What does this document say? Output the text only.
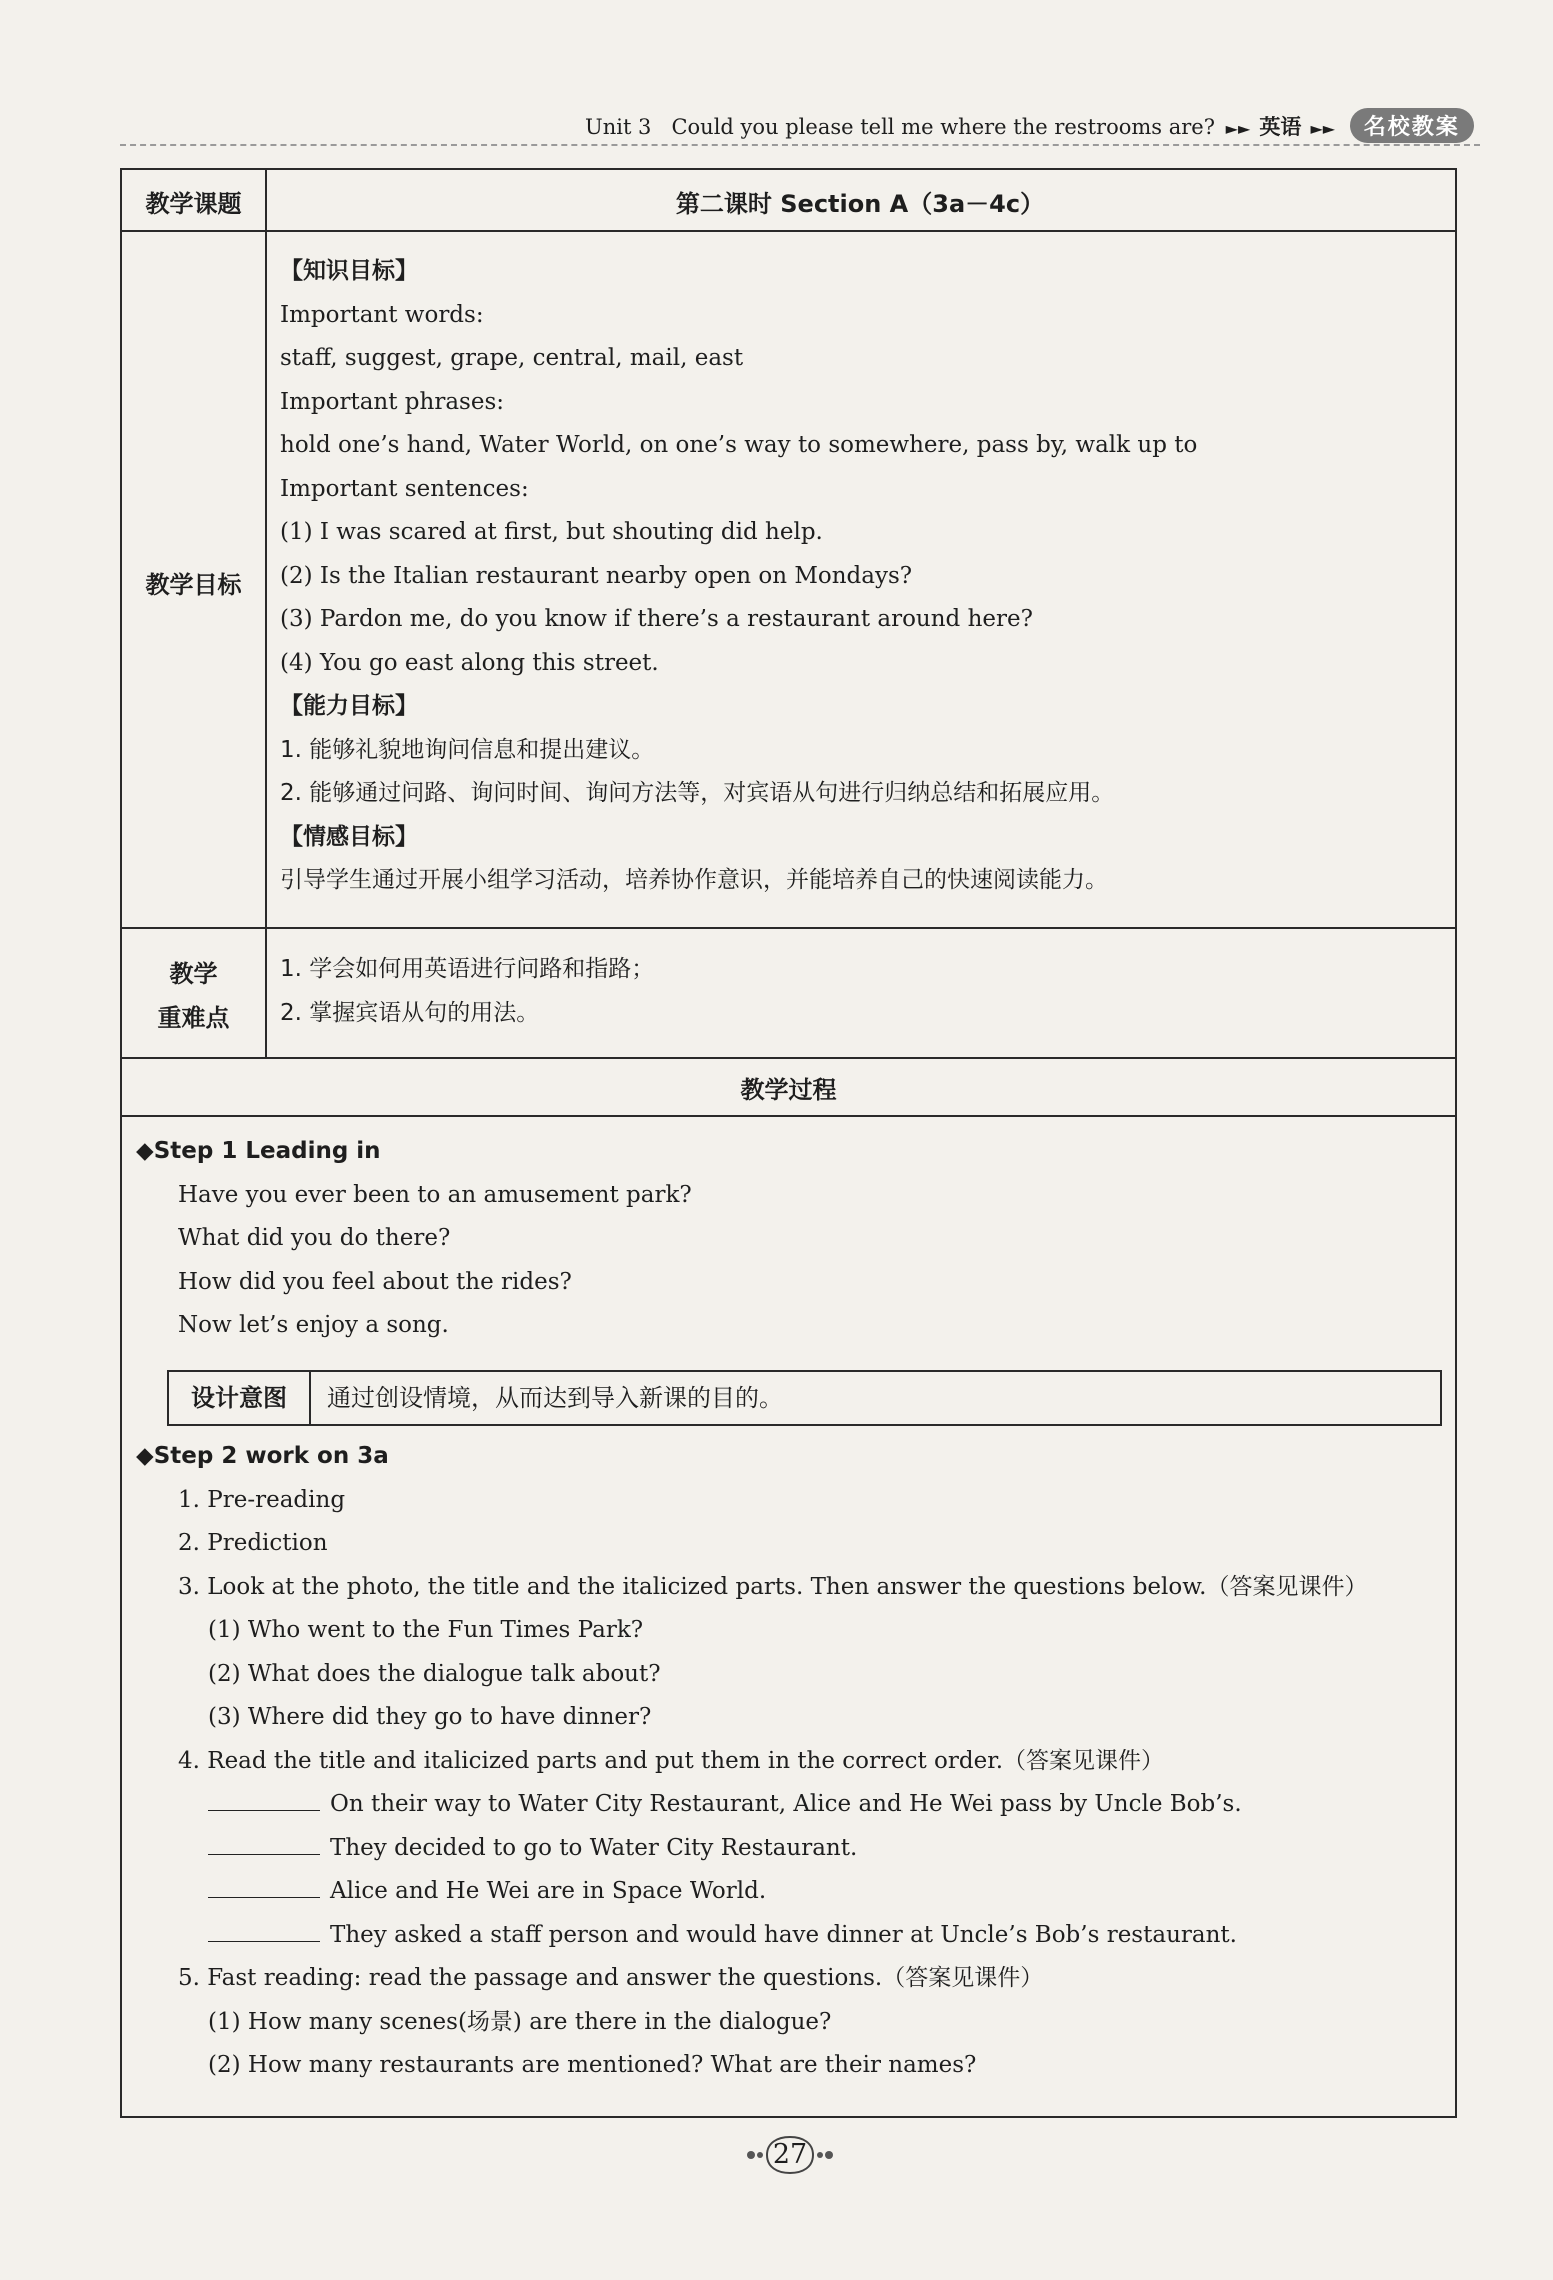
Unit 3 Could you please tell me where the restrooms are? ►► 英语 ►► 名校教案
教学课题	第二课时 Section A（3a－4c）
教学目标
【知识目标】
Important words:
staff, suggest, grape, central, mail, east
Important phrases:
hold one’s hand, Water World, on one’s way to somewhere, pass by, walk up to
Important sentences:
(1) I was scared at first, but shouting did help.
(2) Is the Italian restaurant nearby open on Mondays?
(3) Pardon me, do you know if there’s a restaurant around here?
(4) You go east along this street.
【能力目标】
1. 能够礼貌地询问信息和提出建议。
2. 能够通过问路、询问时间、询问方法等，对宾语从句进行归纳总结和拓展应用。
【情感目标】
引导学生通过开展小组学习活动，培养协作意识，并能培养自己的快速阅读能力。
教学
重难点
1. 学会如何用英语进行问路和指路；
2. 掌握宾语从句的用法。
教学过程
◆Step 1 Leading in
Have you ever been to an amusement park?
What did you do there?
How did you feel about the rides?
Now let’s enjoy a song.
设计意图	通过创设情境，从而达到导入新课的目的。
◆Step 2 work on 3a
1. Pre-reading
2. Prediction
3. Look at the photo, the title and the italicized parts. Then answer the questions below.（答案见课件）
(1) Who went to the Fun Times Park?
(2) What does the dialogue talk about?
(3) Where did they go to have dinner?
4. Read the title and italicized parts and put them in the correct order.（答案见课件）
On their way to Water City Restaurant, Alice and He Wei pass by Uncle Bob’s.
They decided to go to Water City Restaurant.
Alice and He Wei are in Space World.
They asked a staff person and would have dinner at Uncle’s Bob’s restaurant.
5. Fast reading: read the passage and answer the questions.（答案见课件）
(1) How many scenes(场景) are there in the dialogue?
(2) How many restaurants are mentioned? What are their names?
27
